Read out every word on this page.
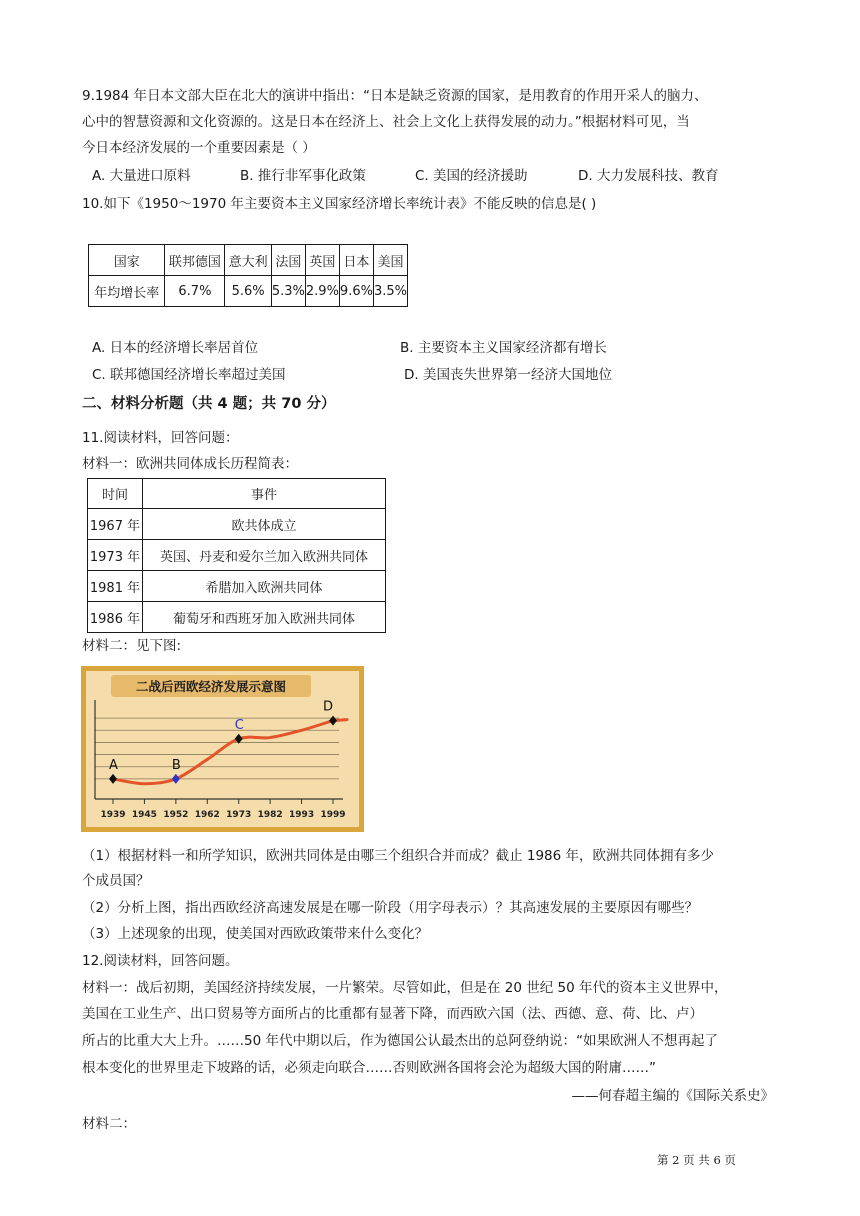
9.1984 年日本文部大臣在北大的演讲中指出：“日本是缺乏资源的国家，是用教育的作用开采人的脑力、
心中的智慧资源和文化资源的。这是日本在经济上、社会上文化上获得发展的动力。”根据材料可见，当
今日本经济发展的一个重要因素是（ ）
A. 大量进口原料	B. 推行非军事化政策	C. 美国的经济援助	D. 大力发展科技、教育
10.如下《1950～1970 年主要资本主义国家经济增长率统计表》不能反映的信息是( )
国家	联邦德国	意大利	法国	英国	日本	美国
年均增长率	6.7%	5.6%	5.3%	2.9%	9.6%	3.5%
A. 日本的经济增长率居首位	B. 主要资本主义国家经济都有增长
C. 联邦德国经济增长率超过美国	D. 美国丧失世界第一经济大国地位
二、材料分析题（共 4 题；共 70 分）
11.阅读材料，回答问题：
材料一：欧洲共同体成长历程简表：
时间	事件
1967 年	欧共体成立
1973 年	英国、丹麦和爱尔兰加入欧洲共同体
1981 年	希腊加入欧洲共同体
1986 年	葡萄牙和西班牙加入欧洲共同体
材料二：见下图:
二战后西欧经济发展示意图
1939 1945 1952 1962 1973 1982 1993 1999
A	B
C
D
（1）根据材料一和所学知识，欧洲共同体是由哪三个组织合并而成？截止 1986 年，欧洲共同体拥有多少
个成员国？
（2）分析上图，指出西欧经济高速发展是在哪一阶段（用字母表示）？其高速发展的主要原因有哪些？
（3）上述现象的出现，使美国对西欧政策带来什么变化？
12.阅读材料，回答问题。
材料一：战后初期，美国经济持续发展，一片繁荣。尽管如此，但是在 20 世纪 50 年代的资本主义世界中，
美国在工业生产、出口贸易等方面所占的比重都有显著下降，而西欧六国（法、西德、意、荷、比、卢）
所占的比重大大上升。……50 年代中期以后，作为德国公认最杰出的总阿登纳说：“如果欧洲人不想再起了
根本变化的世界里走下坡路的话，必须走向联合……否则欧洲各国将会沦为超级大国的附庸……”
——何春超主编的《国际关系史》
材料二：
第 2 页 共 6 页
